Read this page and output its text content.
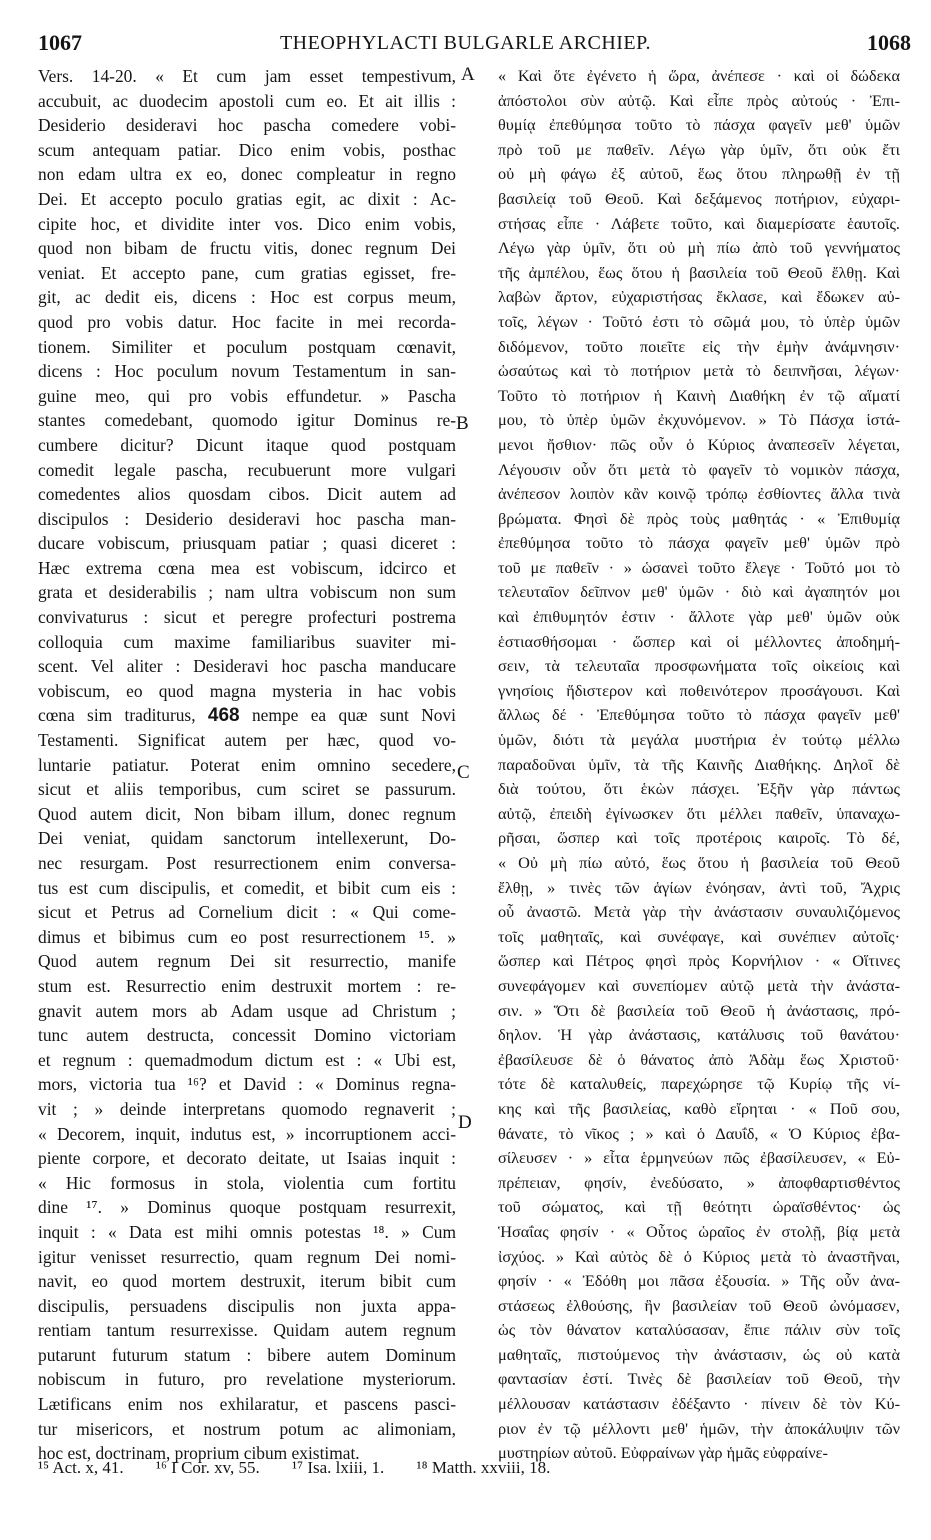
1067	THEOPHYLACTI BULGARLE ARCHIEP.	1068
Vers. 14-20. « Et cum jam esset tempestivum,
accubuit, ac duodecim apostoli cum eo. Et ait illis :
Desiderio desideravi hoc pascha comedere vobi-
scum antequam patiar. Dico enim vobis, posthac
non edam ultra ex eo, donec compleatur in regno
Dei. Et accepto poculo gratias egit, ac dixit : Ac-
cipite hoc, et dividite inter vos. Dico enim vobis,
quod non bibam de fructu vitis, donec regnum Dei
veniat. Et accepto pane, cum gratias egisset, fre-
git, ac dedit eis, dicens : Hoc est corpus meum,
quod pro vobis datur. Hoc facite in mei recorda-
tionem. Similiter et poculum postquam cœnavit,
dicens : Hoc poculum novum Testamentum in san-
guine meo, qui pro vobis effundetur. » Pascha
stantes comedebant, quomodo igitur Dominus re-
cumbere dicitur? Dicunt itaque quod postquam
comedit legale pascha, recubuerunt more vulgari
comedentes alios quosdam cibos. Dicit autem ad
discipulos : Desiderio desideravi hoc pascha man-
ducare vobiscum, priusquam patiar ; quasi diceret :
Hæc extrema cœna mea est vobiscum, idcirco et
grata et desiderabilis ; nam ultra vobiscum non sum
convivaturus : sicut et peregre profecturi postrema
colloquia cum maxime familiaribus suaviter mi-
scent. Vel aliter : Desideravi hoc pascha manducare
vobiscum, eo quod magna mysteria in hac vobis
cœna sim traditurus, 468 nempe ea quæ sunt Novi
Testamenti. Significat autem per hæc, quod vo-
luntarie patiatur. Poterat enim omnino secedere,
sicut et aliis temporibus, cum sciret se passurum.
Quod autem dicit, Non bibam illum, donec regnum
Dei veniat, quidam sanctorum intellexerunt, Do-
nec resurgam. Post resurrectionem enim conversa-
tus est cum discipulis, et comedit, et bibit cum eis :
sicut et Petrus ad Cornelium dicit : « Qui come-
dimus et bibimus cum eo post resurrectionem ¹⁵. »
Quod autem regnum Dei sit resurrectio, manife
stum est. Resurrectio enim destruxit mortem : re-
gnavit autem mors ab Adam usque ad Christum ;
tunc autem destructa, concessit Domino victoriam
et regnum : quemadmodum dictum est : « Ubi est,
mors, victoria tua ¹⁶? et David : « Dominus regna-
vit ; » deinde interpretans quomodo regnaverit ;
« Decorem, inquit, indutus est, » incorruptionem acci-
piente corpore, et decorato deitate, ut Isaias inquit :
« Hic formosus in stola, violentia cum fortitu
dine ¹⁷. » Dominus quoque postquam resurrexit,
inquit : « Data est mihi omnis potestas ¹⁸. » Cum
igitur venisset resurrectio, quam regnum Dei nomi-
navit, eo quod mortem destruxit, iterum bibit cum
discipulis, persuadens discipulis non juxta appa-
rentiam tantum resurrexisse. Quidam autem regnum
putarunt futurum statum : bibere autem Dominum
nobiscum in futuro, pro revelatione mysteriorum.
Lætificans enim nos exhilaratur, et pascens pasci-
tur misericors, et nostrum potum ac alimoniam,
hoc est, doctrinam, proprium cibum existimat.
« Καὶ ὅτε ἐγένετο ἡ ὥρα, ἀνέπεσε · καὶ οἱ δώδεκα
ἀπόστολοι σὺν αὐτῷ. Καὶ εἶπε πρὸς αὐτούς · Ἐπι-
θυμίᾳ ἐπεθύμησα τοῦτο τὸ πάσχα φαγεῖν μεθ' ὑμῶν
πρὸ τοῦ με παθεῖν. Λέγω γὰρ ὑμῖν, ὅτι οὐκ ἔτι
οὐ μὴ φάγω ἐξ αὐτοῦ, ἕως ὅτου πληρωθῇ ἐν τῇ
βασιλείᾳ τοῦ Θεοῦ. Καὶ δεξάμενος ποτήριον, εὐχαρι-
στήσας εἶπε · Λάβετε τοῦτο, καὶ διαμερίσατε ἑαυτοῖς.
Λέγω γὰρ ὑμῖν, ὅτι οὐ μὴ πίω ἀπὸ τοῦ γεννήματος
τῆς ἀμπέλου, ἕως ὅτου ἡ βασιλεία τοῦ Θεοῦ ἔλθῃ. Καὶ
λαβὼν ἄρτον, εὐχαριστήσας ἔκλασε, καὶ ἔδωκεν αὐ-
τοῖς, λέγων · Τοῦτό ἐστι τὸ σῶμά μου, τὸ ὑπὲρ ὑμῶν
διδόμενον, τοῦτο ποιεῖτε εἰς τὴν ἐμὴν ἀνάμνησιν·
ὡσαύτως καὶ τὸ ποτήριον μετὰ τὸ δειπνῆσαι, λέγων·
Τοῦτο τὸ ποτήριον ἡ Καινὴ Διαθήκη ἐν τῷ αἵματί
μου, τὸ ὑπὲρ ὑμῶν ἐκχυνόμενον. » Τὸ Πάσχα ἱστά-
μενοι ἤσθιον· πῶς οὖν ὁ Κύριος ἀναπεσεῖν λέγεται,
Λέγουσιν οὖν ὅτι μετὰ τὸ φαγεῖν τὸ νομικὸν πάσχα,
ἀνέπεσον λοιπὸν κἂν κοινῷ τρόπῳ ἐσθίοντες ἄλλα τινὰ
βρώματα. Φησὶ δὲ πρὸς τοὺς μαθητάς · « Ἐπιθυμίᾳ
ἐπεθύμησα τοῦτο τὸ πάσχα φαγεῖν μεθ' ὑμῶν πρὸ
τοῦ με παθεῖν · » ὡσανεὶ τοῦτο ἔλεγε · Τοῦτό μοι τὸ
τελευταῖον δεῖπνον μεθ' ὑμῶν · διὸ καὶ ἀγαπητόν μοι
καὶ ἐπιθυμητόν ἐστιν · ἄλλοτε γὰρ μεθ' ὑμῶν οὐκ
ἑστιασθήσομαι · ὥσπερ καὶ οἱ μέλλοντες ἀποδημή-
σειν, τὰ τελευταῖα προσφωνήματα τοῖς οἰκείοις καὶ
γνησίοις ἥδιστερον καὶ ποθεινότερον προσάγουσι. Καὶ
ἄλλως δέ · Ἐπεθύμησα τοῦτο τὸ πάσχα φαγεῖν μεθ'
ὑμῶν, διότι τὰ μεγάλα μυστήρια ἐν τούτῳ μέλλω
παραδοῦναι ὑμῖν, τὰ τῆς Καινῆς Διαθήκης. Δηλοῖ δὲ
διὰ τούτου, ὅτι ἑκὼν πάσχει. Ἐξῆν γὰρ πάντως
αὐτῷ, ἐπειδὴ ἐγίνωσκεν ὅτι μέλλει παθεῖν, ὑπαναχω-
ρῆσαι, ὥσπερ καὶ τοῖς προτέροις καιροῖς. Τὸ δέ,
« Οὐ μὴ πίω αὐτό, ἕως ὅτου ἡ βασιλεία τοῦ Θεοῦ
ἔλθῃ, » τινὲς τῶν ἁγίων ἐνόησαν, ἀντὶ τοῦ, Ἄχρις
οὗ ἀναστῶ. Μετὰ γὰρ τὴν ἀνάστασιν συναυλιζόμενος
τοῖς μαθηταῖς, καὶ συνέφαγε, καὶ συνέπιεν αὐτοῖς·
ὥσπερ καὶ Πέτρος φησὶ πρὸς Κορνήλιον · « Οἵτινες
συνεφάγομεν καὶ συνεπίομεν αὐτῷ μετὰ τὴν ἀνάστα-
σιν. » Ὅτι δὲ βασιλεία τοῦ Θεοῦ ἡ ἀνάστασις, πρό-
δηλον. Ἡ γὰρ ἀνάστασις, κατάλυσις τοῦ θανάτου·
ἐβασίλευσε δὲ ὁ θάνατος ἀπὸ Ἀδὰμ ἕως Χριστοῦ·
τότε δὲ καταλυθείς, παρεχώρησε τῷ Κυρίῳ τῆς νί-
κης καὶ τῆς βασιλείας, καθὸ εἴρηται · « Ποῦ σου,
θάνατε, τὸ νῖκος ; » καὶ ὁ Δαυΐδ, « Ὁ Κύριος ἐβα-
σίλευσεν · » εἶτα ἑρμηνεύων πῶς ἐβασίλευσεν, « Εὐ-
πρέπειαν, φησίν, ἐνεδύσατο, » ἀποφθαρτισθέντος
τοῦ σώματος, καὶ τῇ θεότητι ὡραϊσθέντος· ὡς
Ἡσαΐας φησίν · « Οὗτος ὡραῖος ἐν στολῇ, βίᾳ μετὰ
ἰσχύος. » Καὶ αὐτὸς δὲ ὁ Κύριος μετὰ τὸ ἀναστῆναι,
φησίν · « Ἐδόθη μοι πᾶσα ἐξουσία. » Τῆς οὖν ἀνα-
στάσεως ἐλθούσης, ἣν βασιλείαν τοῦ Θεοῦ ὠνόμασεν,
ὡς τὸν θάνατον καταλύσασαν, ἔπιε πάλιν σὺν τοῖς
μαθηταῖς, πιστούμενος τὴν ἀνάστασιν, ὡς οὐ κατὰ
φαντασίαν ἐστί. Τινὲς δὲ βασιλείαν τοῦ Θεοῦ, τὴν
μέλλουσαν κατάστασιν ἐδέξαντο · πίνειν δὲ τὸν Κύ-
ριον ἐν τῷ μέλλοντι μεθ' ἡμῶν, τὴν ἀποκάλυψιν τῶν
μυστηρίων αὐτοῦ. Εὐφραίνων γὰρ ἡμᾶς εὐφραίνε-
A
B
C
D
¹⁵ Act. x, 41. ¹⁶ I Cor. xv, 55. ¹⁷ Isa. lxiii, 1. ¹⁸ Matth. xxviii, 18.
